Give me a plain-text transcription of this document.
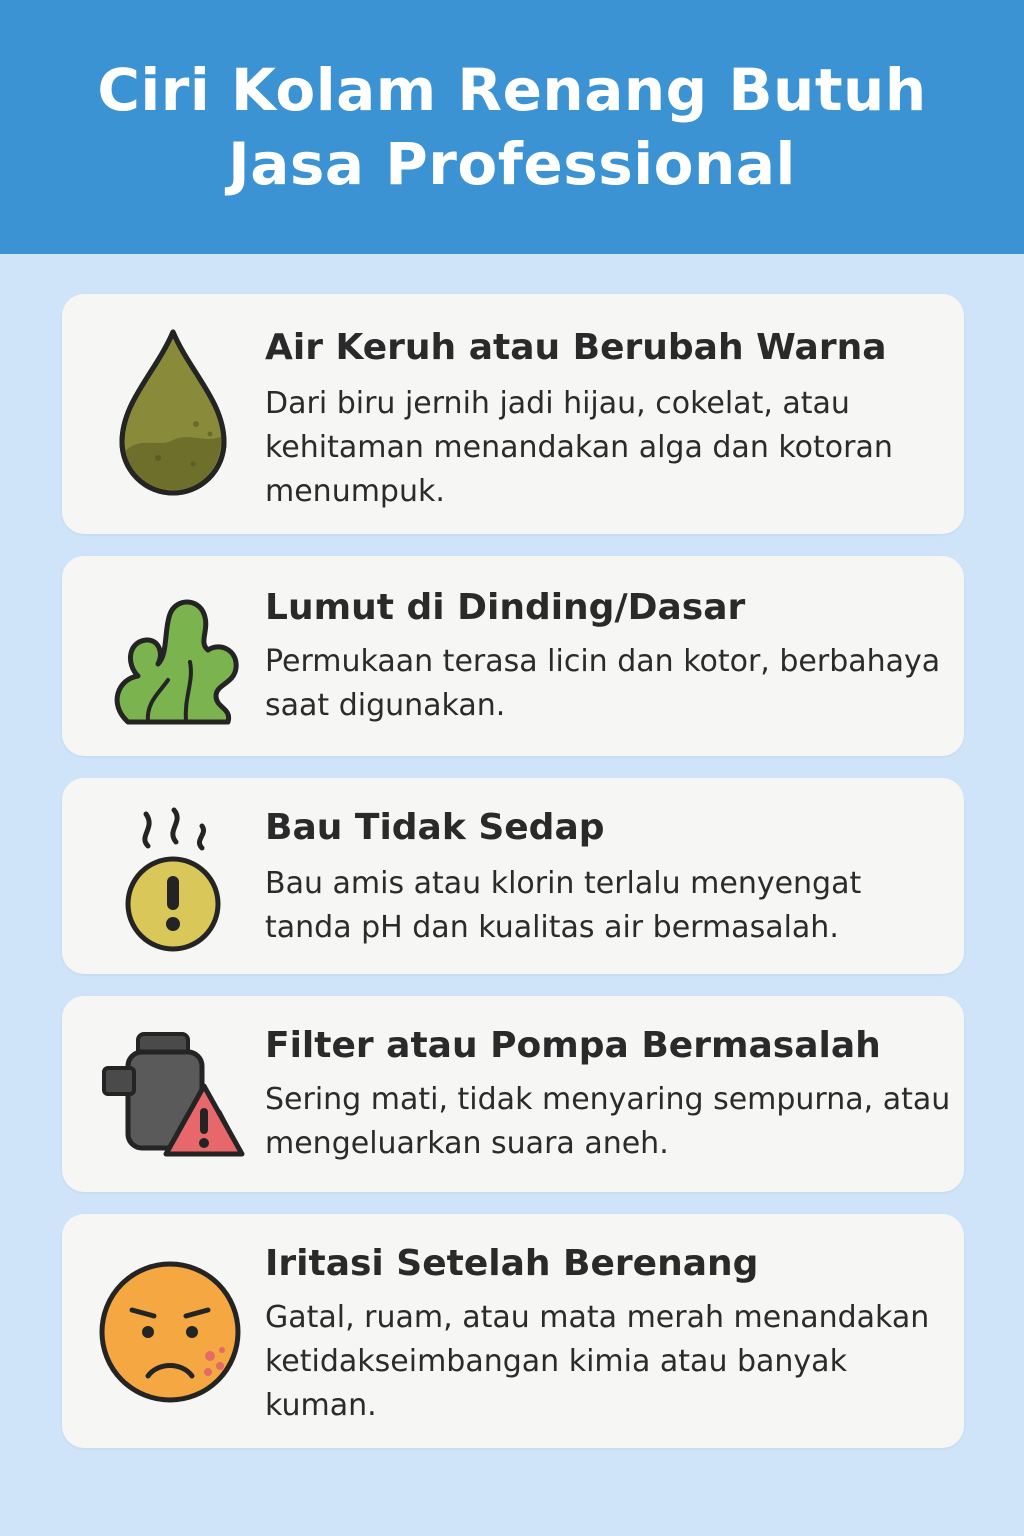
Ciri Kolam Renang Butuh Jasa Professional
Air Keruh atau Berubah Warna

Dari biru jernih jadi hijau, cokelat, atau kehitaman menandakan alga dan kotoran menumpuk.

Lumut di Dinding/Dasar

Permukaan terasa licin dan kotor, berbahaya saat digunakan.

Bau Tidak Sedap

Bau amis atau klorin terlalu menyengat tanda pH dan kualitas air bermasalah.

Filter atau Pompa Bermasalah

Sering mati, tidak menyaring sempurna, atau mengeluarkan suara aneh.

Iritasi Setelah Berenang

Gatal, ruam, atau mata merah menandakan ketidakseimbangan kimia atau banyak kuman.
